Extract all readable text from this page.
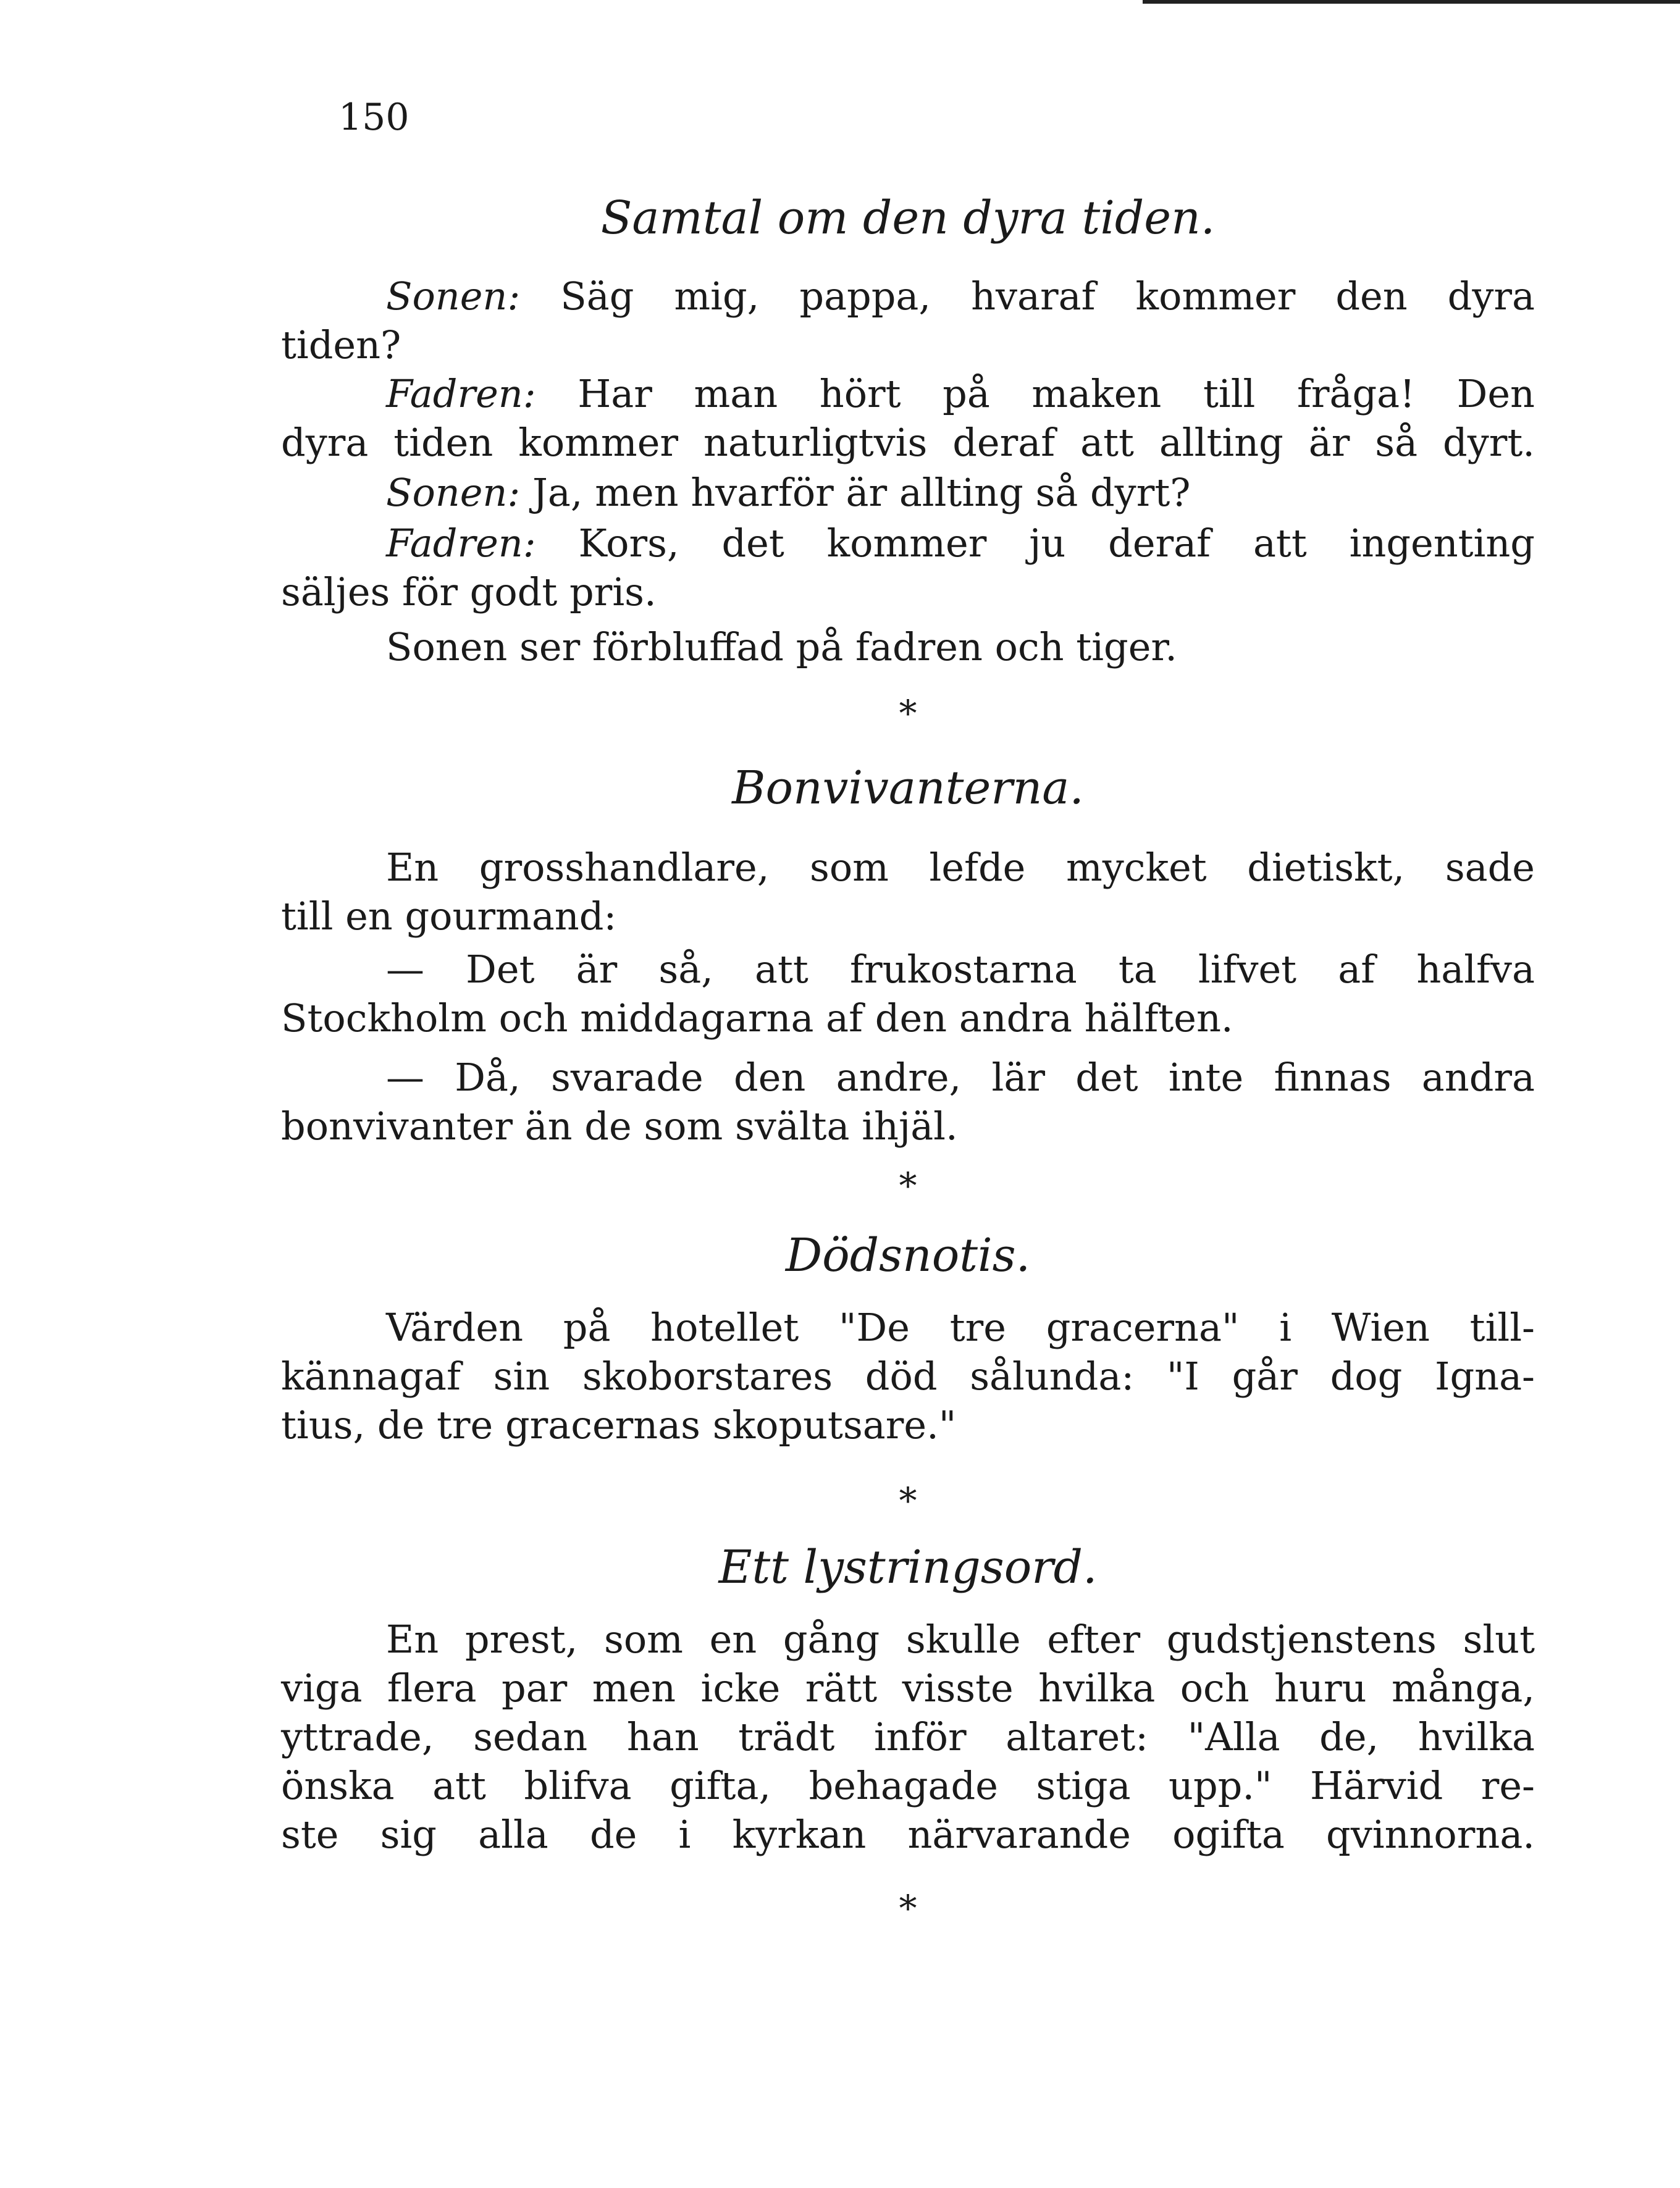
150

Samtal om den dyra tiden.
Sonen: Säg mig, pappa, hvaraf kommer den dyra
tiden?
Fadren: Har man hört på maken till fråga! Den
dyra tiden kommer naturligtvis deraf att allting är så dyrt.
Sonen: Ja, men hvarför är allting så dyrt?
Fadren: Kors, det kommer ju deraf att ingenting
säljes för godt pris.
Sonen ser förbluffad på fadren och tiger.

*

Bonvivanterna.
En grosshandlare, som lefde mycket dietiskt, sade
till en gourmand:
— Det är så, att frukostarna ta lifvet af halfva
Stockholm och middagarna af den andra hälften.
— Då, svarade den andre, lär det inte finnas andra
bonvivanter än de som svälta ihjäl.

*

Dödsnotis.
Värden på hotellet "De tre gracerna" i Wien till-
kännagaf sin skoborstares död sålunda: "I går dog Igna-
tius, de tre gracernas skoputsare."

*

Ett lystringsord.
En prest, som en gång skulle efter gudstjenstens slut
viga flera par men icke rätt visste hvilka och huru många,
yttrade, sedan han trädt inför altaret: "Alla de, hvilka
önska att blifva gifta, behagade stiga upp." Härvid re-
ste sig alla de i kyrkan närvarande ogifta qvinnorna.

*
